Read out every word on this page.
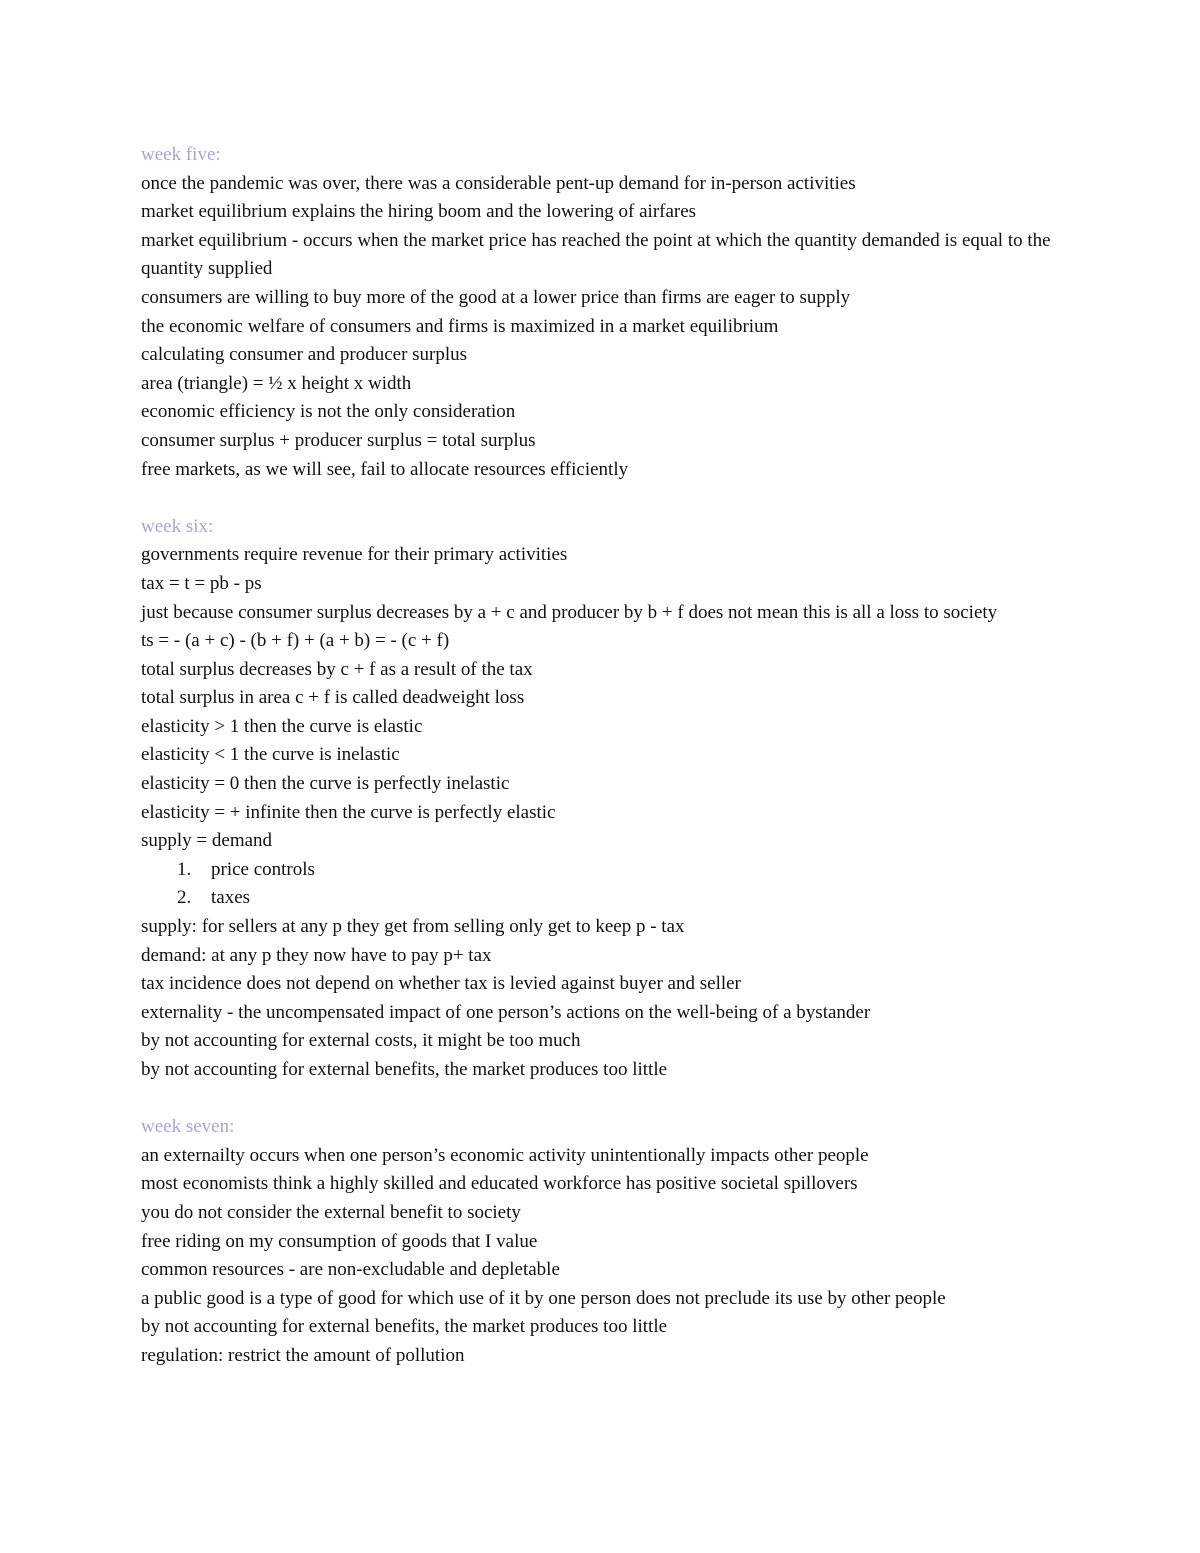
week five:
once the pandemic was over, there was a considerable pent-up demand for in-person activities
market equilibrium explains the hiring boom and the lowering of airfares
market equilibrium - occurs when the market price has reached the point at which the quantity demanded is equal to the quantity supplied
consumers are willing to buy more of the good at a lower price than firms are eager to supply
the economic welfare of consumers and firms is maximized in a market equilibrium
calculating consumer and producer surplus
area (triangle) = ½ x height x width
economic efficiency is not the only consideration
consumer surplus + producer surplus = total surplus
free markets, as we will see, fail to allocate resources efficiently
week six:
governments require revenue for their primary activities
tax = t = pb - ps
just because consumer surplus decreases by a + c and producer by b + f does not mean this is all a loss to society
ts = - (a + c) - (b + f) + (a + b) = - (c + f)
total surplus decreases by c + f as a result of the tax
total surplus in area c + f is called deadweight loss
elasticity > 1 then the curve is elastic
elasticity < 1 the curve is inelastic
elasticity = 0 then the curve is perfectly inelastic
elasticity = + infinite then the curve is perfectly elastic
supply = demand
1. price controls
2. taxes
supply: for sellers at any p they get from selling only get to keep p - tax
demand: at any p they now have to pay p+ tax
tax incidence does not depend on whether tax is levied against buyer and seller
externality - the uncompensated impact of one person’s actions on the well-being of a bystander
by not accounting for external costs, it might be too much
by not accounting for external benefits, the market produces too little
week seven:
an externailty occurs when one person’s economic activity unintentionally impacts other people
most economists think a highly skilled and educated workforce has positive societal spillovers
you do not consider the external benefit to society
free riding on my consumption of goods that I value
common resources - are non-excludable and depletable
a public good is a type of good for which use of it by one person does not preclude its use by other people
by not accounting for external benefits, the market produces too little
regulation: restrict the amount of pollution
